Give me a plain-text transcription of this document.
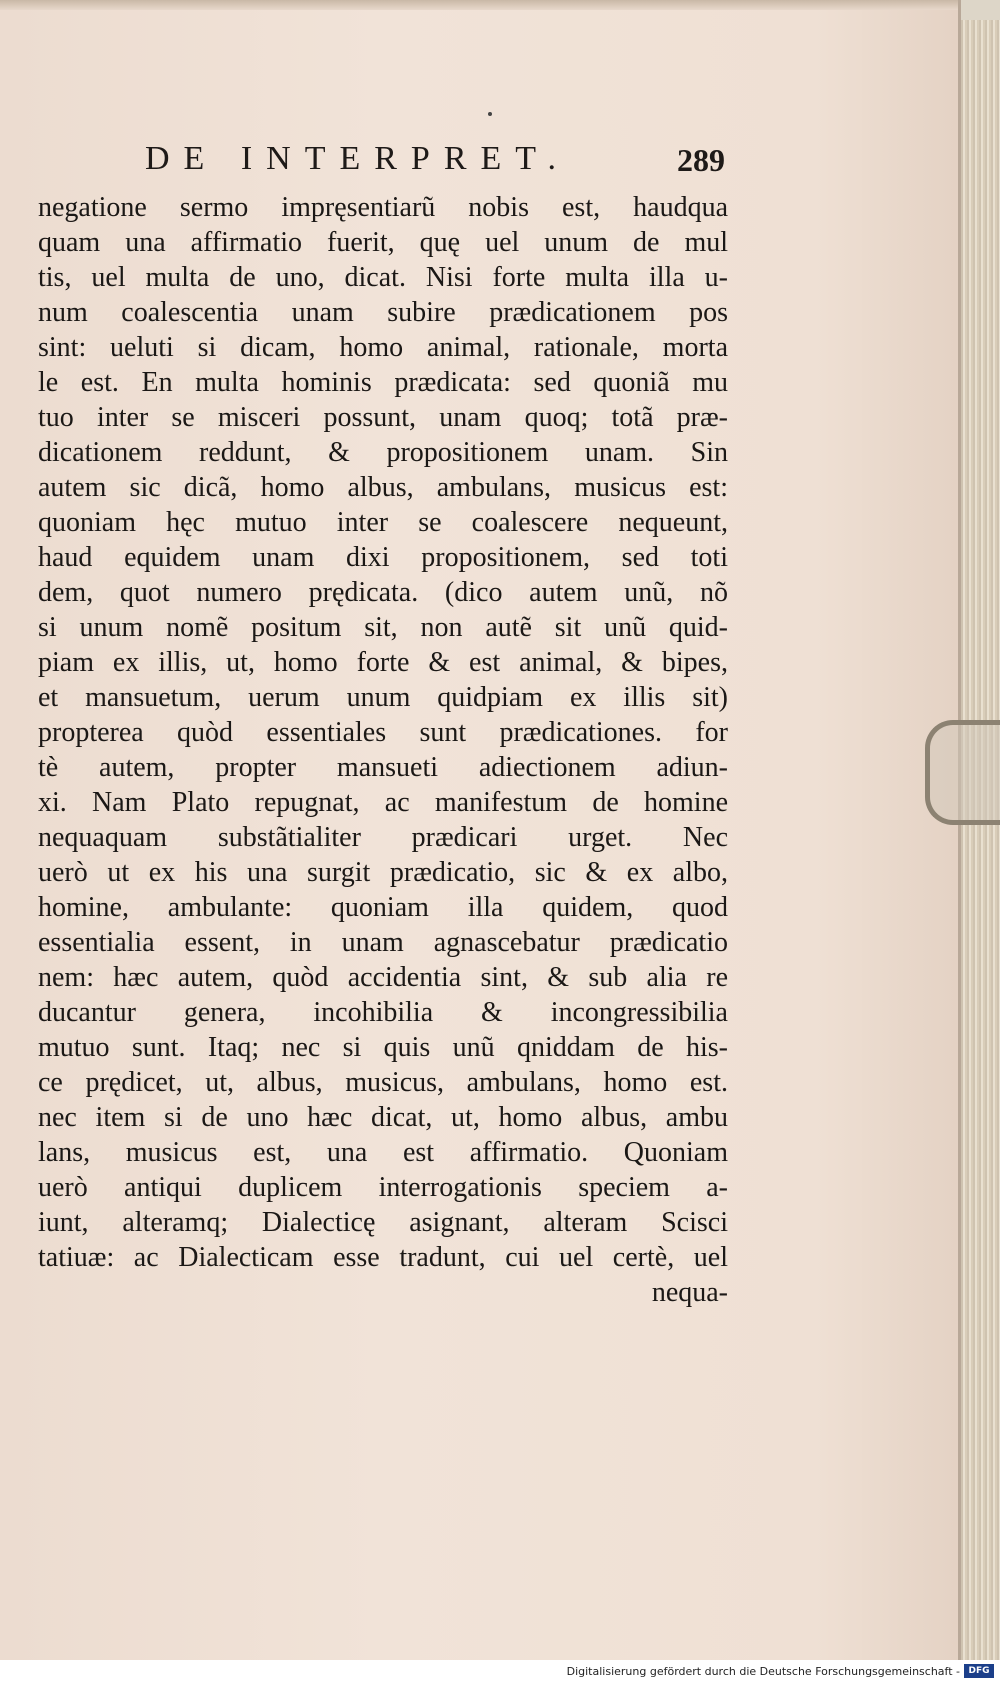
DE INTERPRET.	289
negatione sermo impręsentiarũ nobis est, haudqua
quam una affirmatio fuerit, quę uel unum de mul
tis, uel multa de uno, dicat. Nisi forte multa illa u-
num coalescentia unam subire prædicationem pos
sint: ueluti si dicam, homo animal, rationale, morta
le est. En multa hominis prædicata: sed quoniã mu
tuo inter se misceri possunt, unam quoq; totã præ-
dicationem reddunt, & propositionem unam. Sin
autem sic dicã, homo albus, ambulans, musicus est:
quoniam hęc mutuo inter se coalescere nequeunt,
haud equidem unam dixi propositionem, sed toti
dem, quot numero prędicata. (dico autem unũ, nõ
si unum nomẽ positum sit, non autẽ sit unũ quid-
piam ex illis, ut, homo forte & est animal, & bipes,
et mansuetum, uerum unum quidpiam ex illis sit)
propterea quòd essentiales sunt prædicationes. for
tè autem, propter mansueti adiectionem adiun-
xi. Nam Plato repugnat, ac manifestum de homine
nequaquam substãtialiter prædicari urget. Nec
uerò ut ex his una surgit prædicatio, sic & ex albo,
homine, ambulante: quoniam illa quidem, quod
essentialia essent, in unam agnascebatur prædicatio
nem: hæc autem, quòd accidentia sint, & sub alia re
ducantur genera, incohibilia & incongressibilia
mutuo sunt. Itaq; nec si quis unũ qniddam de his-
ce prędicet, ut, albus, musicus, ambulans, homo est.
nec item si de uno hæc dicat, ut, homo albus, ambu
lans, musicus est, una est affirmatio. Quoniam
uerò antiqui duplicem interrogationis speciem a-
iunt, alteramq; Dialecticę asignant, alteram Scisci
tatiuæ: ac Dialecticam esse tradunt, cui uel certè, uel
nequa-
Digitalisierung gefördert durch die Deutsche Forschungsgemeinschaft - DFG
